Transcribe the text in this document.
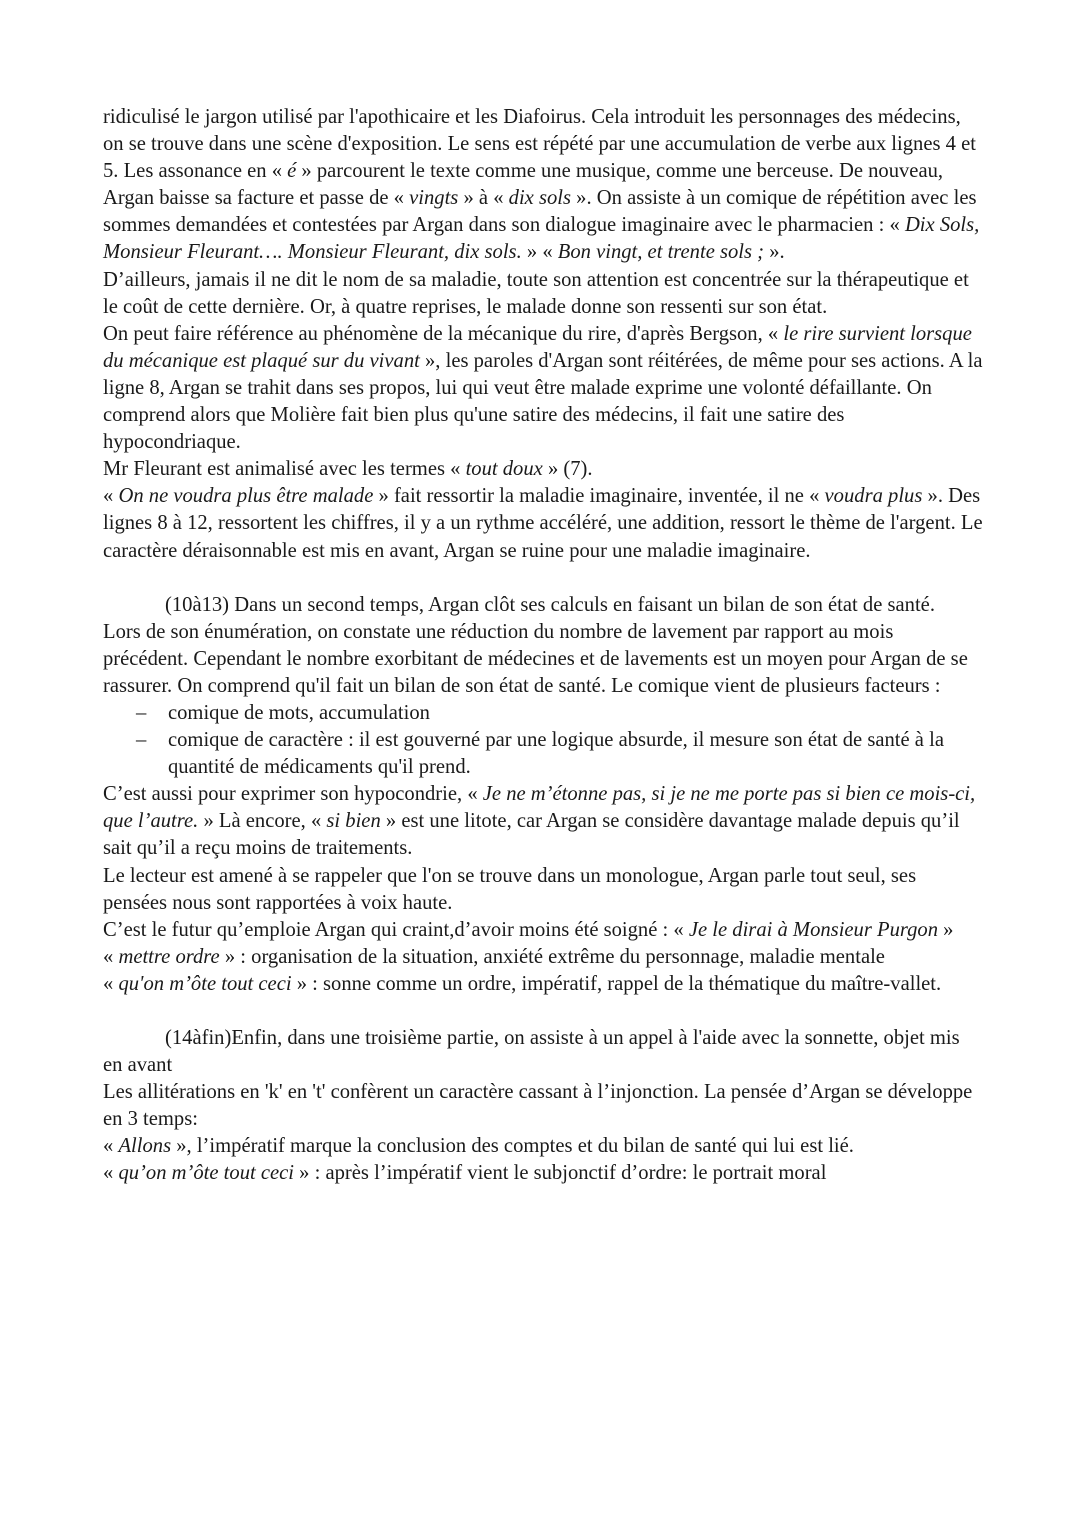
ridiculisé le jargon utilisé par l'apothicaire et les Diafoirus. Cela introduit les personnages des médecins, on se trouve dans une scène d'exposition. Le sens est répété par une accumulation de verbe aux lignes 4 et 5. Les assonance en « é » parcourent le texte comme une musique, comme une berceuse. De nouveau, Argan baisse sa facture et passe de « vingts » à « dix sols ». On assiste à un comique de répétition avec les sommes demandées et contestées par Argan dans son dialogue imaginaire avec le pharmacien : « Dix Sols, Monsieur Fleurant…. Monsieur Fleurant, dix sols. » « Bon vingt, et trente sols ; ».

D’ailleurs, jamais il ne dit le nom de sa maladie, toute son attention est concentrée sur la thérapeutique et le coût de cette dernière. Or, à quatre reprises, le malade donne son ressenti sur son état.

On peut faire référence au phénomène de la mécanique du rire, d'après Bergson, « le rire survient lorsque du mécanique est plaqué sur du vivant », les paroles d'Argan sont réitérées, de même pour ses actions. A la ligne 8, Argan se trahit dans ses propos, lui qui veut être malade exprime une volonté défaillante. On comprend alors que Molière fait bien plus qu'une satire des médecins, il fait une satire des hypocondriaque.

Mr Fleurant est animalisé avec les termes « tout doux » (7).

« On ne voudra plus être malade » fait ressortir la maladie imaginaire, inventée, il ne « voudra plus ». Des lignes 8 à 12, ressortent les chiffres, il y a un rythme accéléré, une addition, ressort le thème de l'argent. Le caractère déraisonnable est mis en avant, Argan se ruine pour une maladie imaginaire.

(10à13) Dans un second temps, Argan clôt ses calculs en faisant un bilan de son état de santé.

Lors de son énumération, on constate une réduction du nombre de lavement par rapport au mois précédent. Cependant le nombre exorbitant de médecines et de lavements est un moyen pour Argan de se rassurer. On comprend qu'il fait un bilan de son état de santé. Le comique vient de plusieurs facteurs :

– comique de mots, accumulation
– comique de caractère : il est gouverné par une logique absurde, il mesure son état de santé à la quantité de médicaments qu'il prend.

C’est aussi pour exprimer son hypocondrie, « Je ne m’étonne pas, si je ne me porte pas si bien ce mois-ci, que l’autre. » Là encore, « si bien » est une litote, car Argan se considère davantage malade depuis qu’il sait qu’il a reçu moins de traitements.

Le lecteur est amené à se rappeler que l'on se trouve dans un monologue, Argan parle tout seul, ses pensées nous sont rapportées à voix haute.

C’est le futur qu’emploie Argan qui craint,d’avoir moins été soigné : « Je le dirai à Monsieur Purgon »

« mettre ordre » : organisation de la situation, anxiété extrême du personnage, maladie mentale

« qu'on m’ôte tout ceci » : sonne comme un ordre, impératif, rappel de la thématique du maître-vallet.

(14àfin)Enfin, dans une troisième partie, on assiste à un appel à l'aide avec la sonnette, objet mis en avant

Les allitérations en 'k' en 't' confèrent un caractère cassant à l’injonction. La pensée d’Argan se développe en 3 temps:

« Allons », l’impératif marque la conclusion des comptes et du bilan de santé qui lui est lié.

« qu’on m’ôte tout ceci » : après l’impératif vient le subjonctif d’ordre: le portrait moral
